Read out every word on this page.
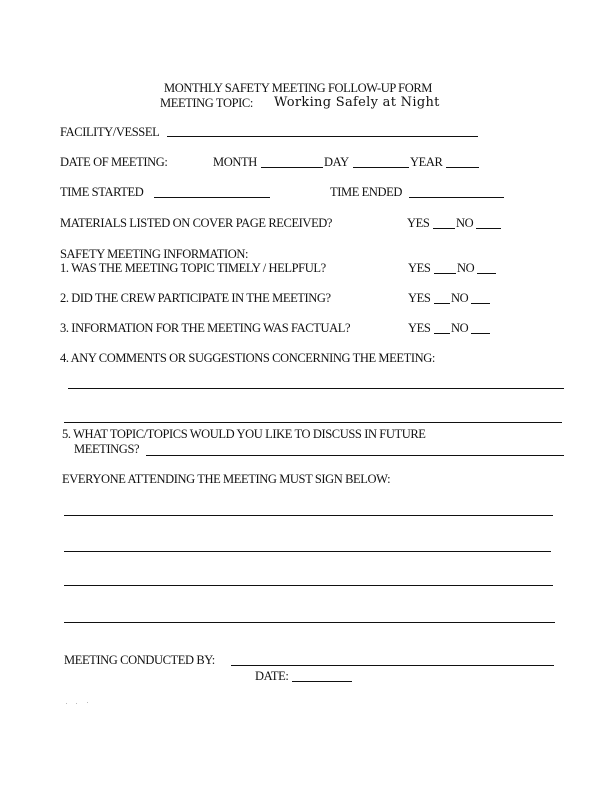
MONTHLY SAFETY MEETING FOLLOW-UP FORM
MEETING TOPIC: Working Safely at Night
FACILITY/VESSEL
DATE OF MEETING:	MONTH	DAY	YEAR
TIME STARTED	TIME ENDED
MATERIALS LISTED ON COVER PAGE RECEIVED?	YES NO
SAFETY MEETING INFORMATION:
1. WAS THE MEETING TOPIC TIMELY / HELPFUL?	YES NO
2. DID THE CREW PARTICIPATE IN THE MEETING?	YES NO
3. INFORMATION FOR THE MEETING WAS FACTUAL?	YES NO
4. ANY COMMENTS OR SUGGESTIONS CONCERNING THE MEETING:
5. WHAT TOPIC/TOPICS WOULD YOU LIKE TO DISCUSS IN FUTURE
MEETINGS?
EVERYONE ATTENDING THE MEETING MUST SIGN BELOW:
MEETING CONDUCTED BY:
DATE:
